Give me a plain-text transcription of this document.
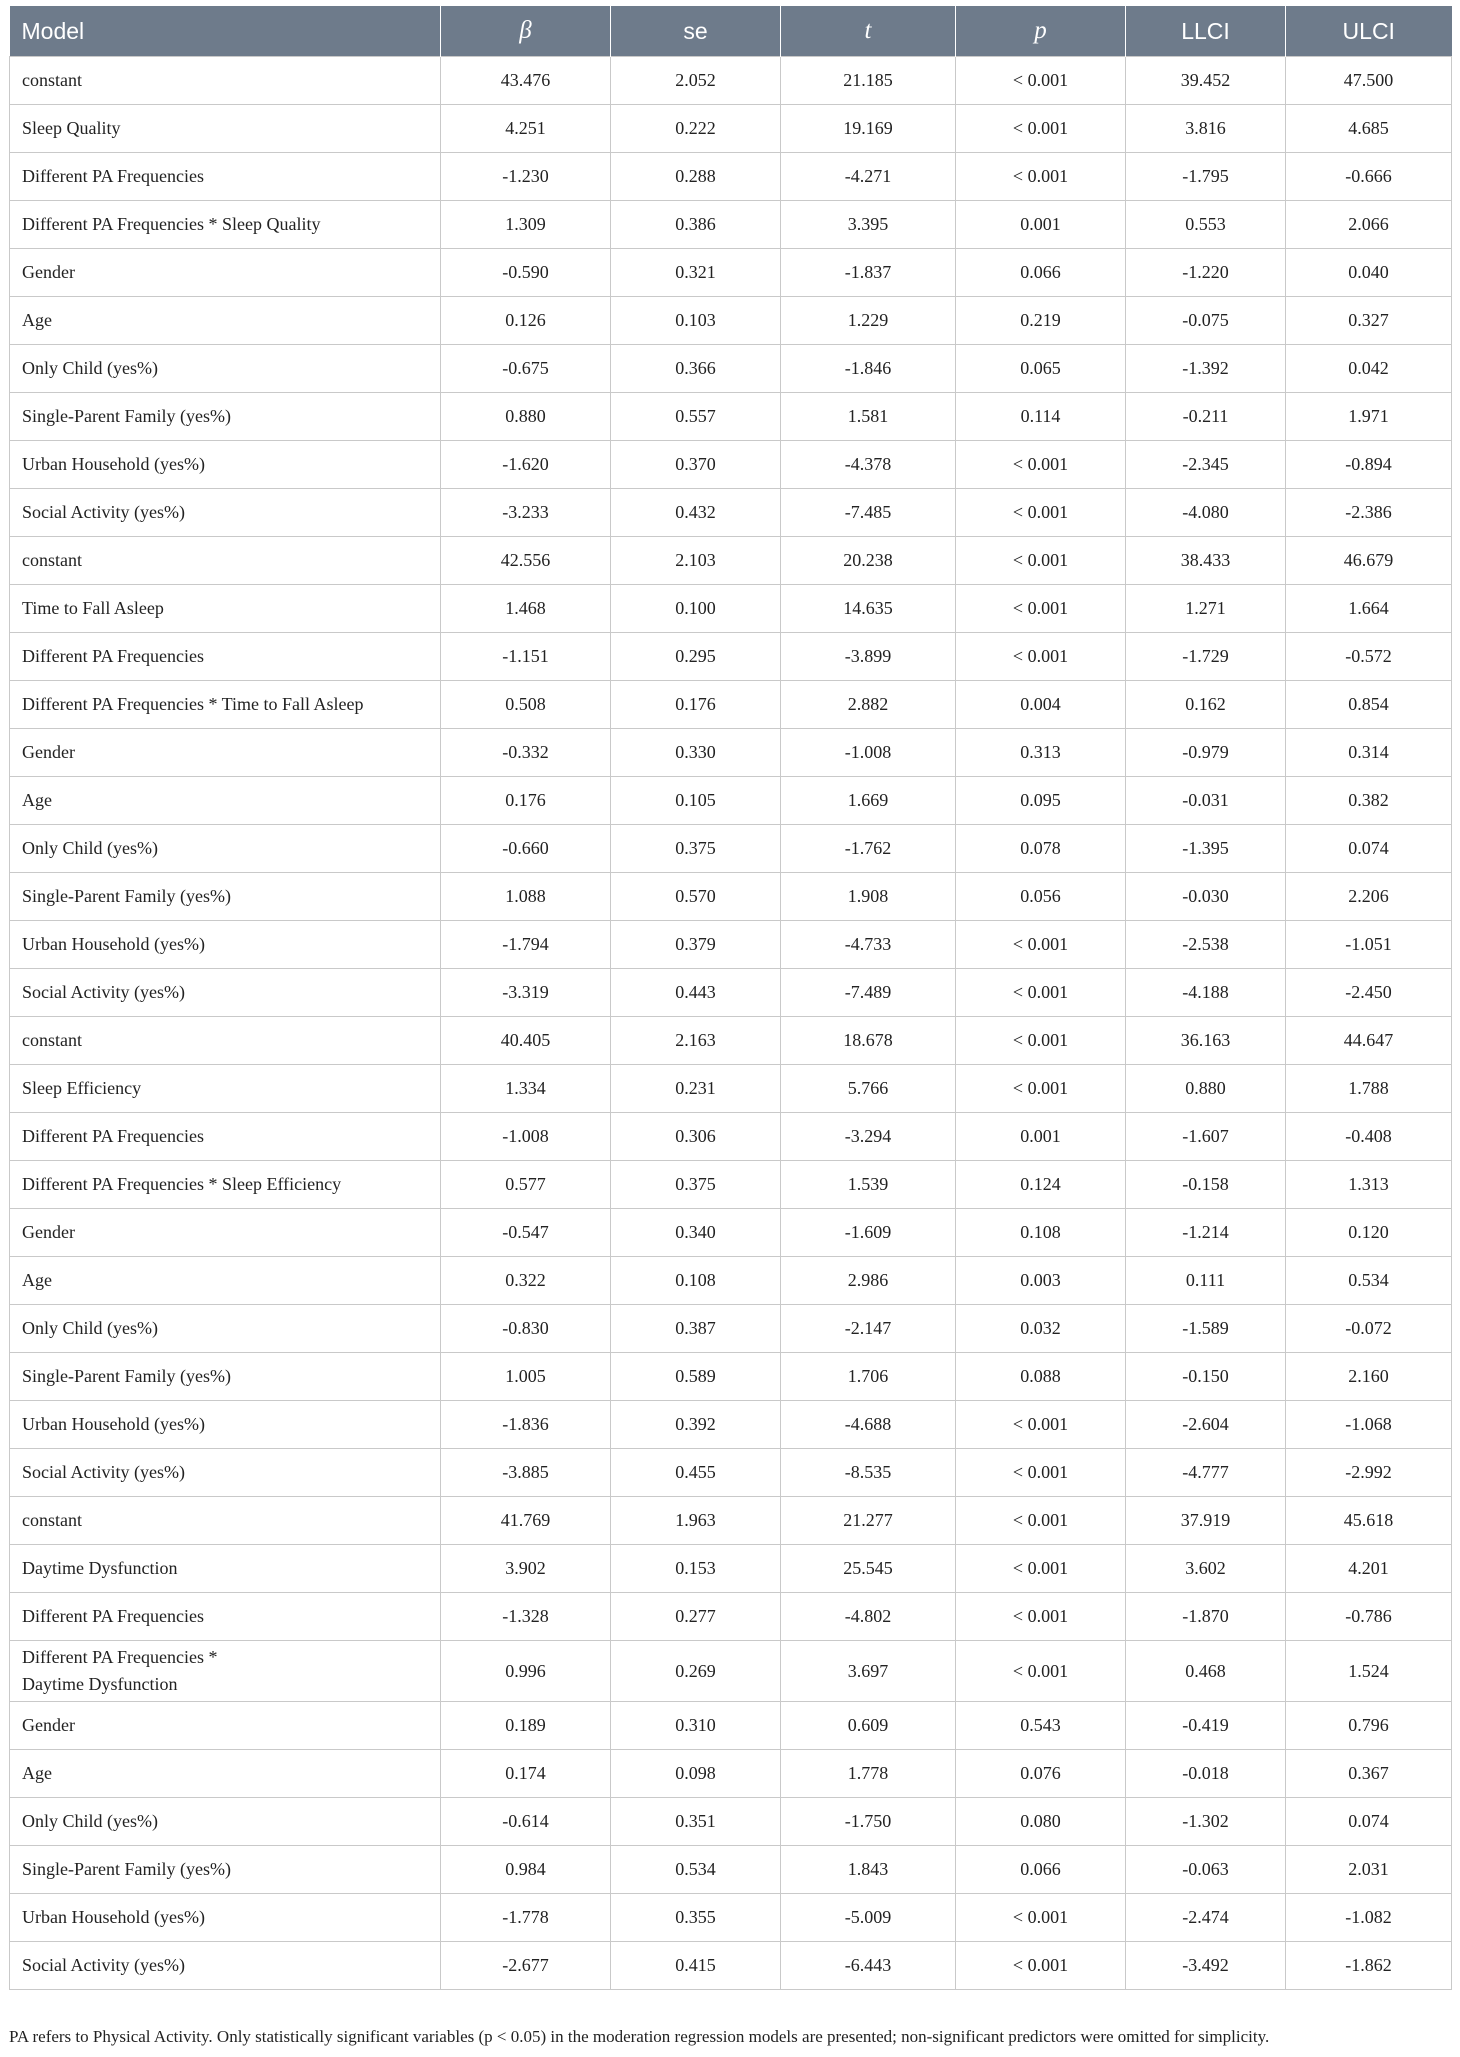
Model	β	se	t	p	LLCI	ULCI
constant	43.476	2.052	21.185	< 0.001	39.452	47.500
Sleep Quality	4.251	0.222	19.169	< 0.001	3.816	4.685
Different PA Frequencies	-1.230	0.288	-4.271	< 0.001	-1.795	-0.666
Different PA Frequencies * Sleep Quality	1.309	0.386	3.395	0.001	0.553	2.066
Gender	-0.590	0.321	-1.837	0.066	-1.220	0.040
Age	0.126	0.103	1.229	0.219	-0.075	0.327
Only Child (yes%)	-0.675	0.366	-1.846	0.065	-1.392	0.042
Single-Parent Family (yes%)	0.880	0.557	1.581	0.114	-0.211	1.971
Urban Household (yes%)	-1.620	0.370	-4.378	< 0.001	-2.345	-0.894
Social Activity (yes%)	-3.233	0.432	-7.485	< 0.001	-4.080	-2.386
constant	42.556	2.103	20.238	< 0.001	38.433	46.679
Time to Fall Asleep	1.468	0.100	14.635	< 0.001	1.271	1.664
Different PA Frequencies	-1.151	0.295	-3.899	< 0.001	-1.729	-0.572
Different PA Frequencies * Time to Fall Asleep	0.508	0.176	2.882	0.004	0.162	0.854
Gender	-0.332	0.330	-1.008	0.313	-0.979	0.314
Age	0.176	0.105	1.669	0.095	-0.031	0.382
Only Child (yes%)	-0.660	0.375	-1.762	0.078	-1.395	0.074
Single-Parent Family (yes%)	1.088	0.570	1.908	0.056	-0.030	2.206
Urban Household (yes%)	-1.794	0.379	-4.733	< 0.001	-2.538	-1.051
Social Activity (yes%)	-3.319	0.443	-7.489	< 0.001	-4.188	-2.450
constant	40.405	2.163	18.678	< 0.001	36.163	44.647
Sleep Efficiency	1.334	0.231	5.766	< 0.001	0.880	1.788
Different PA Frequencies	-1.008	0.306	-3.294	0.001	-1.607	-0.408
Different PA Frequencies * Sleep Efficiency	0.577	0.375	1.539	0.124	-0.158	1.313
Gender	-0.547	0.340	-1.609	0.108	-1.214	0.120
Age	0.322	0.108	2.986	0.003	0.111	0.534
Only Child (yes%)	-0.830	0.387	-2.147	0.032	-1.589	-0.072
Single-Parent Family (yes%)	1.005	0.589	1.706	0.088	-0.150	2.160
Urban Household (yes%)	-1.836	0.392	-4.688	< 0.001	-2.604	-1.068
Social Activity (yes%)	-3.885	0.455	-8.535	< 0.001	-4.777	-2.992
constant	41.769	1.963	21.277	< 0.001	37.919	45.618
Daytime Dysfunction	3.902	0.153	25.545	< 0.001	3.602	4.201
Different PA Frequencies	-1.328	0.277	-4.802	< 0.001	-1.870	-0.786
Different PA Frequencies *
Daytime Dysfunction	0.996	0.269	3.697	< 0.001	0.468	1.524
Gender	0.189	0.310	0.609	0.543	-0.419	0.796
Age	0.174	0.098	1.778	0.076	-0.018	0.367
Only Child (yes%)	-0.614	0.351	-1.750	0.080	-1.302	0.074
Single-Parent Family (yes%)	0.984	0.534	1.843	0.066	-0.063	2.031
Urban Household (yes%)	-1.778	0.355	-5.009	< 0.001	-2.474	-1.082
Social Activity (yes%)	-2.677	0.415	-6.443	< 0.001	-3.492	-1.862
PA refers to Physical Activity. Only statistically significant variables (p < 0.05) in the moderation regression models are presented; non-significant predictors were omitted for simplicity.
